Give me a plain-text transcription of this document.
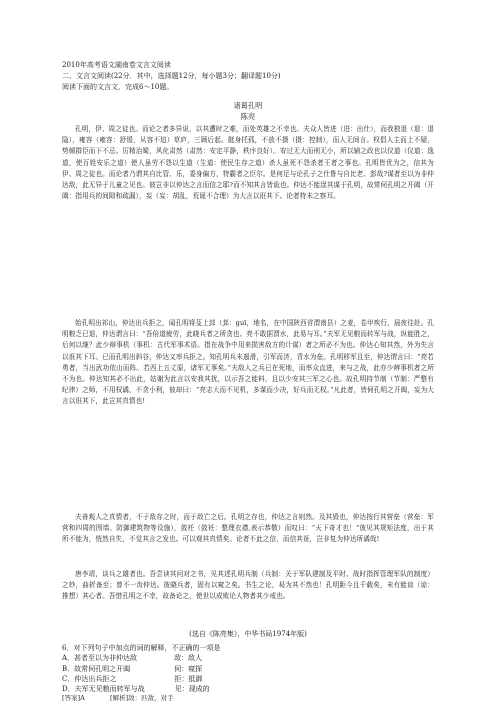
2010年高考语文湖南卷文言文阅读
二、文言文阅读(22分．其中，选择题12分，每小题3分；翻译题10分)
阅读下面的文言文，完成6～10题。
诸葛孔明
陈亮
孔明，伊、周之徒也。而论之者多异说，以其遭时之难，而处英雄之不幸也。夫众人皆进（进：出仕），而我独退（退：退隐），雍容（雍容：舒缓，从容不迫）草庐，三顾后起。挺身托孤，不放不摄（摄：控制），而人无间言。权倡人主而上不疑，势倾群臣而下不忌。厉精治蜀，风化肃然（肃然：安定平静，秩序良好）。宥过无大而刑无小，所以辅之政也以仪道（仪道：逸道，使百姓安乐之道）使人虽劳不怨以生道（生道：使民生存之道）杀人虽死不怨杀者王者之事也。孔明皆优为之，信其为伊、周之徒也。而论者乃谓其自比管、乐，委身偏方，特霸者之臣尔。是何足与论孔子之仕鲁与自比老、彭哉?谋者至以为非仲达敌，此无异于儿童之见也。彼岂非以仲达之言而信之耶?而不知其言皆诡也。仲达不能逞其谋于孔明，故常伺孔明之开阖（开阖：指用兵的间隙和疏漏），妄（妄：胡乱，荒诞不合理）为大言以诳其下。论者特未之察耳。
始孔明出祁山，仲达出兵拒之，闻孔明将芟上邽（邽：guī，地名，在中国陕西省渭南县）之麦，卷甲疾行，晨夜往赴。孔明粮乏已退，仲达谓言曰：“吾倍道疲劳，此晓兵者之所贪也。亮不敢据渭水，此易与耳。”夫军无见粮而转军与战，纵能胜之，后何以继？此少辩事机（事机：古代军事术语。指在战争中用来损害敌方的计谋）者之所必不为也。仲达心知其然，外为失言以诳其下耳。已而孔明出斜谷，仲达又率兵拒之。知孔明兵未遏滑，引军而济，背水为垒。孔明移军且至，仲达谓言曰：“亮若勇者，当出武功依山而阵。若西上五丈原，诸军无事矣。”夫敌人之兵已在死地，而率众直进，来与之战，此亦少辨事机者之所不为也。仲达知其必不出此，姑谢为此言以安我其扰，以示吾之能料，且以少安其三军之心也。故孔明持节制（节制：严整有纪律）之师，不用权谲，不贪小利，彼却曰：“亮志大而不见机，多谋而少决，好兵而无权。”凡此者，皆伺孔明之开阖，妄为大言以诳其下，此岂其真情也!
夫善观人之真情者，不于敌存之时，而于敌亡之后。孔明之存也，仲达之言则然。及其毁也，仲达按行其营垒（营垒：军营和四周的围墙、防御建筑物等设施），敛衽（敛衽：整理衣襟,表示恭敬）而叹曰：“天下奇才也！”彼见其规矩法度，出于其所不能为，恍然自失，不觉其言之发也。可以观其真情矣。论者不此之信，而信其诳，岂非复为仲达所谲哉!
唐李靖，谈兵之雄者也。吾尝读其问对之书，见其述孔明兵制（兵制：关于军队建制及平时、战时指挥管理军队的制度）之妙，曲折备至；曾不一齿仲达。彼晓兵者，固有以窥之矣。书生之论，曷为其不然也！孔明距今且千载矣，未有能谅（谅：推想）其心者。吾惜孔明之不幸，故备论之，使世以成败论人物者其少戒也。
(选自《陈亮集》，中华书局1974年版)
6．对下列句子中加点的词的解释，不正确的一项是
A． 甚者至以为非仲达敌	敌：敌人
B．故常伺孔明之开阖	伺：窥探
C．仲达出兵拒之	拒：抵御
D．夫军无见粮而转军与战	见：现成的
[答案]A	[解析]敌：匹敌，对手
